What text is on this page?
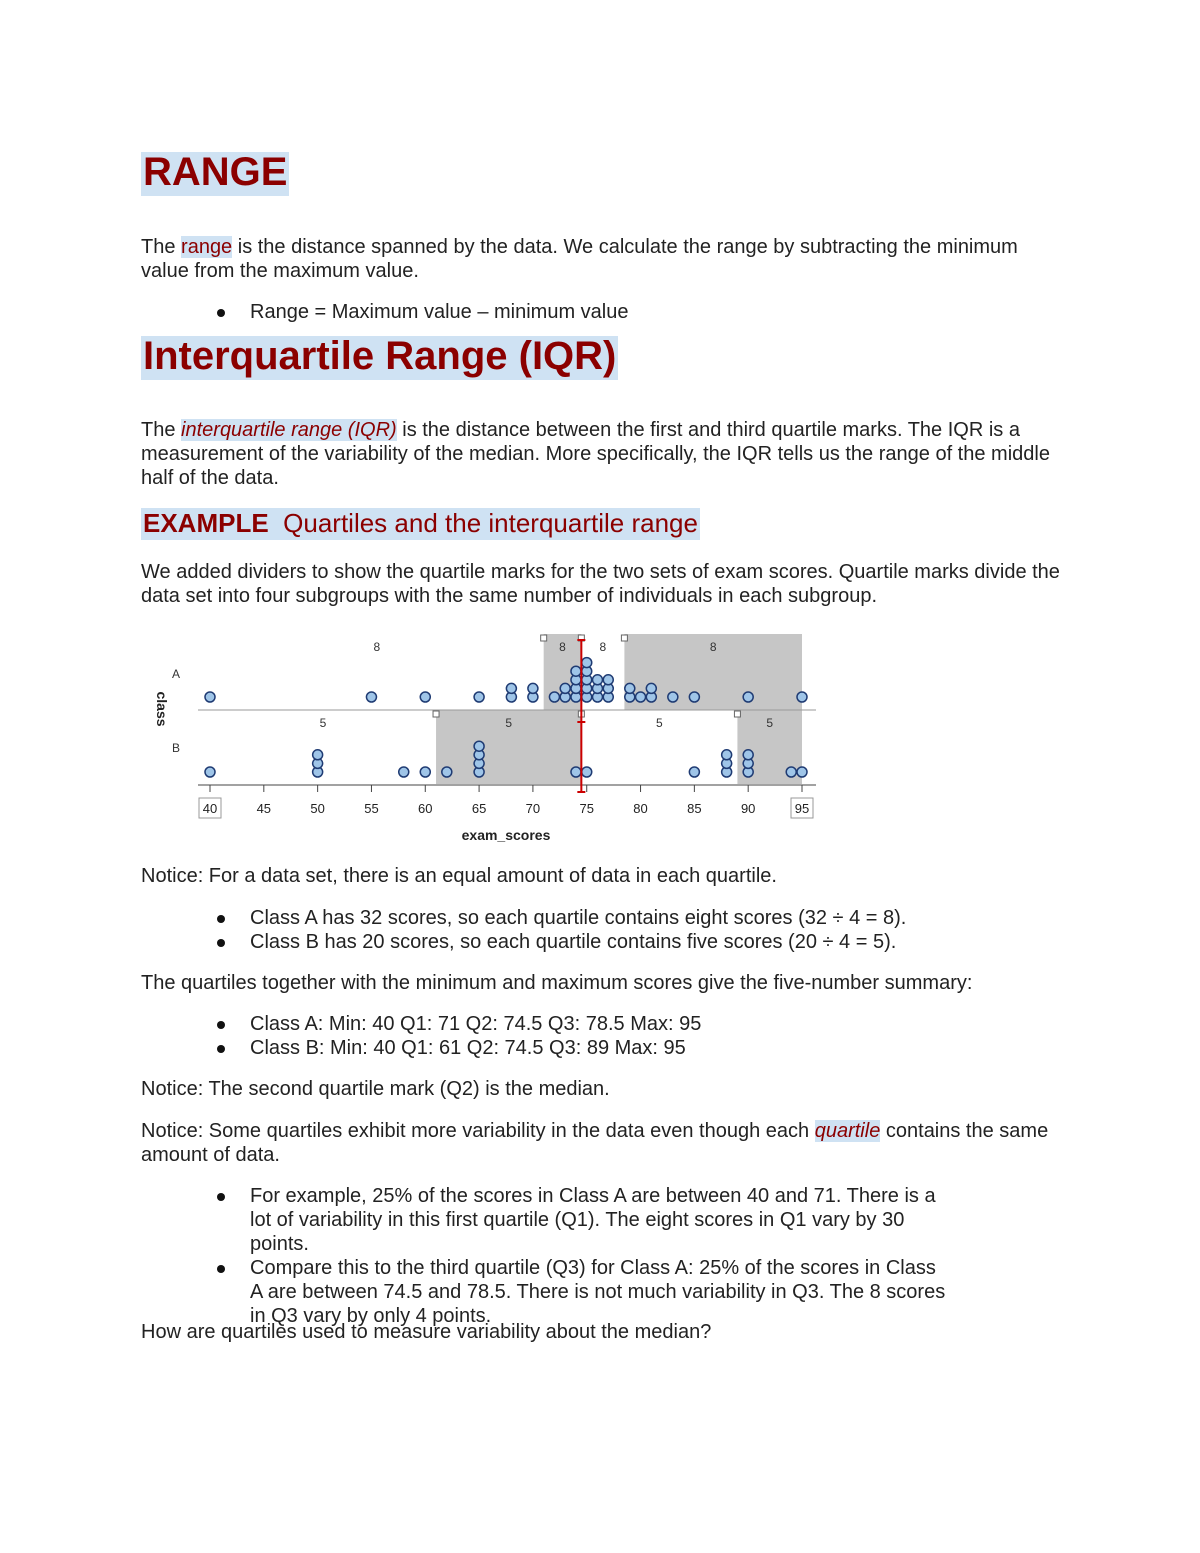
RANGE
The range is the distance spanned by the data. We calculate the range by subtracting the minimum value from the maximum value.
Range = Maximum value – minimum value
Interquartile Range (IQR)
The interquartile range (IQR) is the distance between the first and third quartile marks. The IQR is a measurement of the variability of the median. More specifically, the IQR tells us the range of the middle half of the data.
EXAMPLE Quartiles and the interquartile range
We added dividers to show the quartile marks for the two sets of exam scores. Quartile marks divide the data set into four subgroups with the same number of individuals in each subgroup.
8	8	8	8
5	5	5	5
A
B
class
40	45	50	55	60	65	70	75	80	85	90	95
exam_scores
Notice: For a data set, there is an equal amount of data in each quartile.
Class A has 32 scores, so each quartile contains eight scores (32 ÷ 4 = 8).
Class B has 20 scores, so each quartile contains five scores (20 ÷ 4 = 5).
The quartiles together with the minimum and maximum scores give the five-number summary:
Class A: Min: 40 Q1: 71 Q2: 74.5 Q3: 78.5 Max: 95
Class B: Min: 40 Q1: 61 Q2: 74.5 Q3: 89 Max: 95
Notice: The second quartile mark (Q2) is the median.
Notice: Some quartiles exhibit more variability in the data even though each quartile contains the same amount of data.
For example, 25% of the scores in Class A are between 40 and 71. There is a lot of variability in this first quartile (Q1). The eight scores in Q1 vary by 30 points.
Compare this to the third quartile (Q3) for Class A: 25% of the scores in Class A are between 74.5 and 78.5. There is not much variability in Q3. The 8 scores in Q3 vary by only 4 points.
How are quartiles used to measure variability about the median?
